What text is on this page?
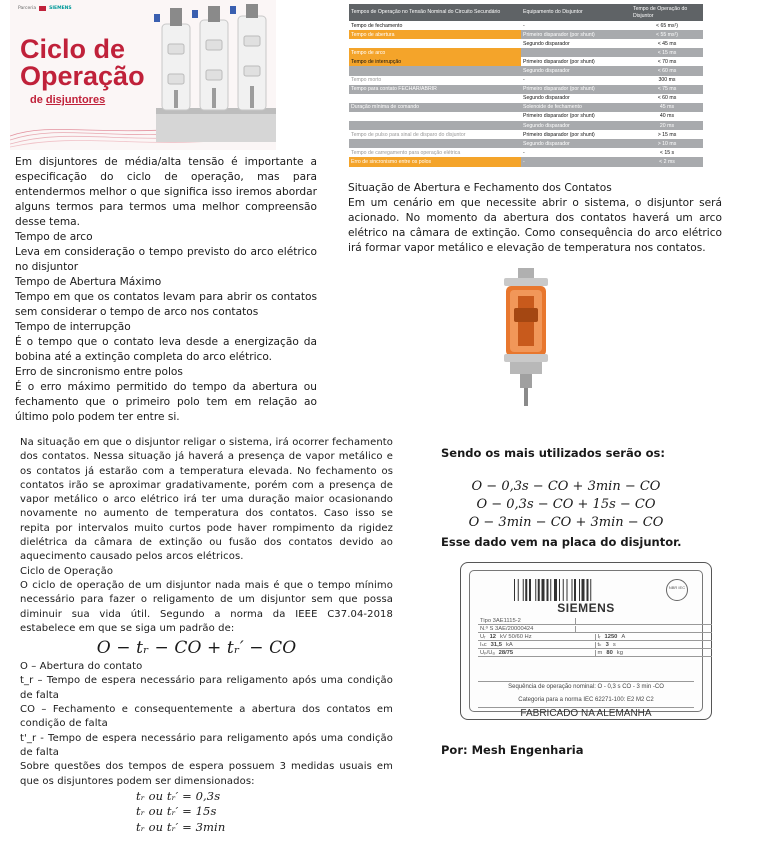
Parceria	SIEMENS
Ciclo de
Operação
de disjuntores

Em disjuntores de média/alta tensão é importante a especificação do ciclo de operação, mas para entendermos melhor o que significa isso iremos abordar alguns termos para termos uma melhor compreensão desse tema.

Tempo de arco

Leva em consideração o tempo previsto do arco elétrico no disjuntor

Tempo de Abertura Máximo

Tempo em que os contatos levam para abrir os contatos sem considerar o tempo de arco nos contatos

Tempo de interrupção

É o tempo que o contato leva desde a energização da bobina até a extinção completa do arco elétrico.

Erro de sincronismo entre polos

É o erro máximo permitido do tempo da abertura ou fechamento que o primeiro polo tem em relação ao último polo podem ter entre si.

Na situação em que o disjuntor religar o sistema, irá ocorrer fechamento dos contatos. Nessa situação já haverá a presença de vapor metálico e os contatos já estarão com a temperatura elevada. No fechamento os contatos irão se aproximar gradativamente, porém com a presença de vapor metálico o arco elétrico irá ter uma duração maior ocasionando novamente no aumento de temperatura dos contatos. Caso isso se repita por intervalos muito curtos pode haver rompimento da rigidez dielétrica da câmara de extinção ou fusão dos contatos devido ao aquecimento causado pelos arcos elétricos.

Ciclo de Operação

O ciclo de operação de um disjuntor nada mais é que o tempo mínimo necessário para fazer o religamento de um disjuntor sem que possa diminuir sua vida útil. Segundo a norma da IEEE C37.04-2018 estabelece em que se siga um padrão de:

O − tᵣ − CO + tᵣ′ − CO

O – Abertura do contato

t_r – Tempo de espera necessário para religamento após uma condição de falta

CO – Fechamento e consequentemente a abertura dos contatos em condição de falta

t'_r - Tempo de espera necessário para religamento após uma condição de falta

Sobre questões dos tempos de espera possuem 3 medidas usuais em que os disjuntores podem ser dimensionados:

tᵣ ou tᵣ′ = 0,3s

tᵣ ou tᵣ′ = 15s

tᵣ ou tᵣ′ = 3min

Tempos de Operação no Tensão Nominal do Circuito Secundário	Equipamento do Disjuntor	Tempo de Operação do Disjuntor
Tempo de fechamento	-	< 65 ms¹)
Tempo de abertura	Primeiro disparador (por shunt)	< 55 ms¹)
	Segundo disparador	< 45 ms
Tempo de arco		< 15 ms
Tempo de interrupção	Primeiro disparador (por shunt)	< 70 ms
	Segundo disparador	< 60 ms
Tempo morto	-	300 ms
Tempo para contato FECHAR/ABRIR	Primeiro disparador (por shunt)	< 75 ms
	Segundo disparador	< 60 ms
Duração mínima de comando	Solenoide de fechamento	45 ms
	Primeiro disparador (por shunt)	40 ms
	Segundo disparador	20 ms
Tempo de pulso para sinal de disparo do disjuntor	Primeiro disparador (por shunt)	> 15 ms
	Segundo disparador	> 10 ms
Tempo de carregamento para operação elétrica	-	< 15 s
Erro de sincronismo entre os polos	-	< 2 ms

Situação de Abertura e Fechamento dos Contatos

Em um cenário em que necessite abrir o sistema, o disjuntor será acionado. No momento da abertura dos contatos haverá um arco elétrico na câmara de extinção. Como consequência do arco elétrico irá formar vapor metálico e elevação de temperatura nos contatos.

Sendo os mais utilizados serão os:
O − 0,3s − CO + 3min − CO
O − 0,3s − CO + 15s − CO
O − 3min − CO + 3min − CO
Esse dado vem na placa do disjuntor.
NBR IEC
SIEMENS
Tipo 3AE1115-2
N.º S 3AE/20000424
Uᵣ 12 kV 50/60 Hz	Iᵣ 1250 A
Iₛc 31,5 kA	tₖ 3 s
Uₚ/Uₐ 28/75	m 80 kg
Sequência de operação nominal: O - 0,3 s CO - 3 min -CO
Categoria para a norma IEC 62271-100: E2 M2 C2
FABRICADO NA ALEMANHA
Por: Mesh Engenharia
